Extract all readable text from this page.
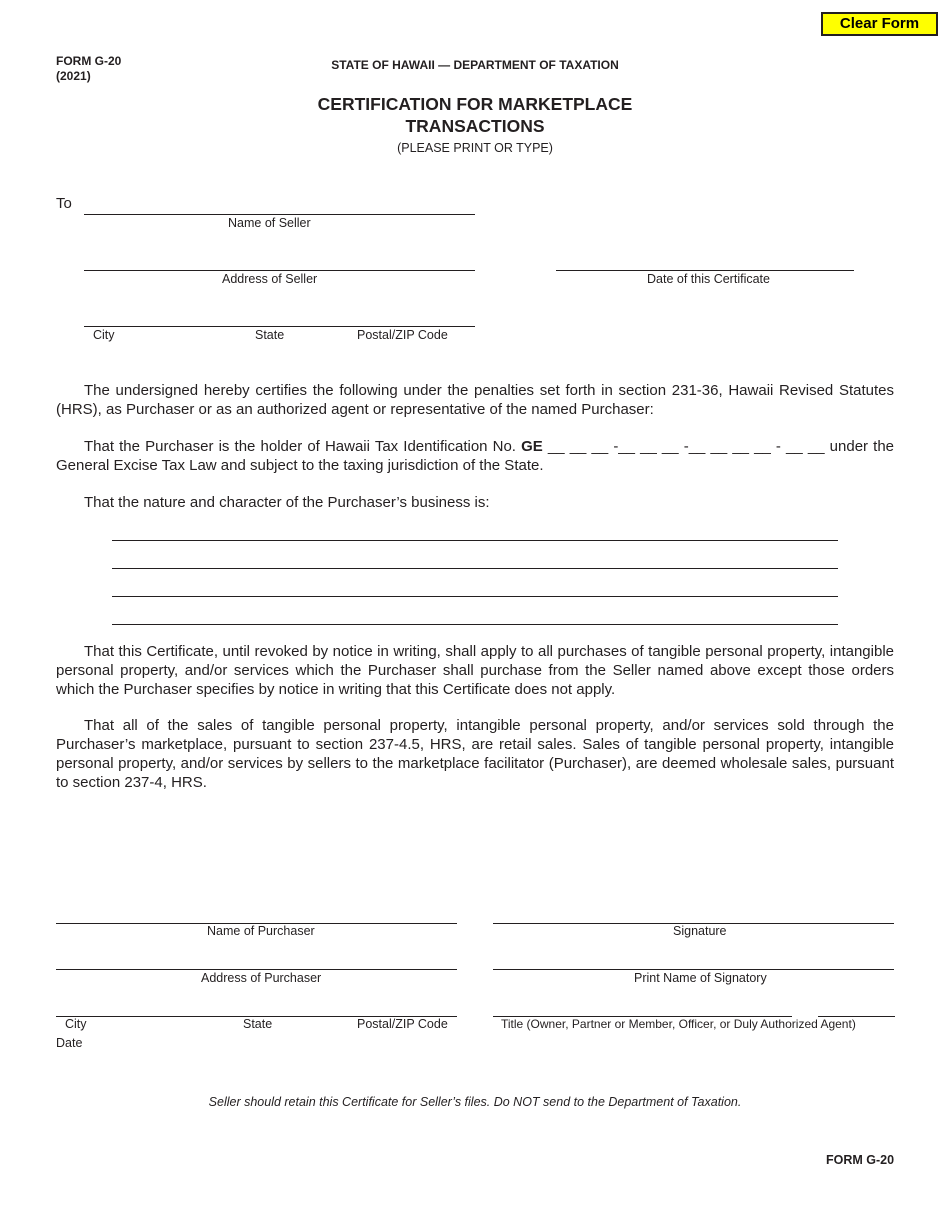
Clear Form
FORM G-20
(2021)
STATE OF HAWAII — DEPARTMENT OF TAXATION
CERTIFICATION FOR MARKETPLACE
TRANSACTIONS
(PLEASE PRINT OR TYPE)
To
Name of Seller
Address of Seller	Date of this Certificate
City	State	Postal/ZIP Code

The undersigned hereby certifies the following under the penalties set forth in section 231-36, Hawaii Revised Statutes (HRS), as Purchaser or as an authorized agent or representative of the named Purchaser:

That the Purchaser is the holder of Hawaii Tax Identification No. GE __ __ __ -__ __ __ -__ __ __ __ - __ __ under the General Excise Tax Law and subject to the taxing jurisdiction of the State.

That the nature and character of the Purchaser’s business is:

That this Certificate, until revoked by notice in writing, shall apply to all purchases of tangible personal property, intangible personal property, and/or services which the Purchaser shall purchase from the Seller named above except those orders which the Purchaser specifies by notice in writing that this Certificate does not apply.

That all of the sales of tangible personal property, intangible personal property, and/or services sold through the Purchaser’s marketplace, pursuant to section 237-4.5, HRS, are retail sales. Sales of tangible personal property, intangible personal property, and/or services by sellers to the marketplace facilitator (Purchaser), are deemed wholesale sales, pursuant to section 237-4, HRS.

Name of Purchaser	Signature
Address of Purchaser	Print Name of Signatory
City	State	Postal/ZIP Code	Title (Owner, Partner or Member, Officer, or Duly Authorized Agent)
Date
Seller should retain this Certificate for Seller’s files. Do NOT send to the Department of Taxation.
FORM G-20
